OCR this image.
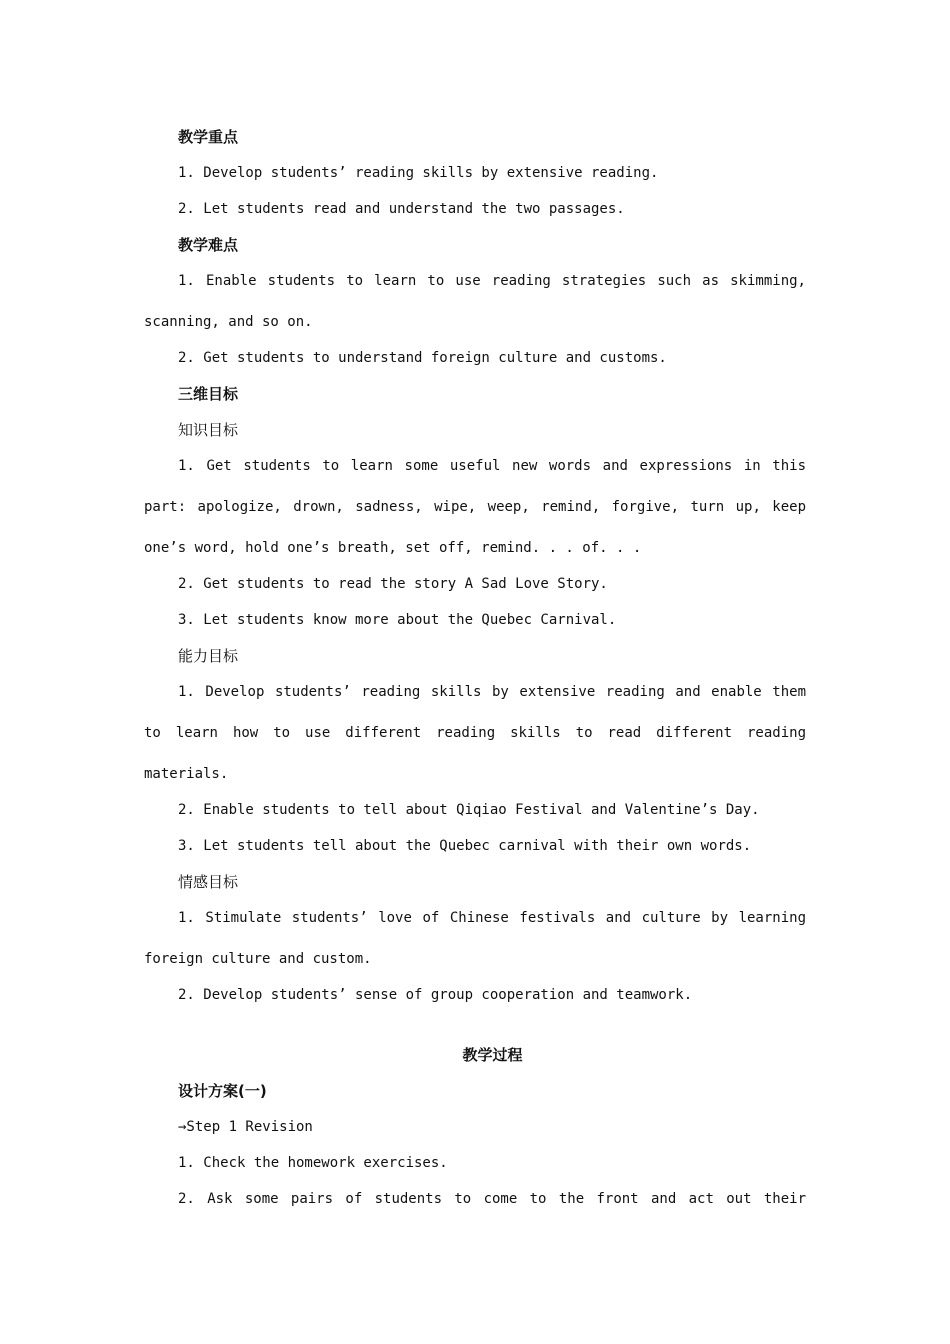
教学重点
1. Develop students’ reading skills by extensive reading.
2. Let students read and understand the two passages.
教学难点
1. Enable students to learn to use reading strategies such as skimming,
scanning, and so on.
2. Get students to understand foreign culture and customs.
三维目标
知识目标
1. Get students to learn some useful new words and expressions in this
part: apologize, drown, sadness, wipe, weep, remind, forgive, turn up, keep
one’s word, hold one’s breath, set off, remind. . . of. . .
2. Get students to read the story A Sad Love Story.
3. Let students know more about the Quebec Carnival.
能力目标
1. Develop students’ reading skills by extensive reading and enable them
to learn how to use different reading skills to read different reading
materials.
2. Enable students to tell about Qiqiao Festival and Valentine’s Day.
3. Let students tell about the Quebec carnival with their own words.
情感目标
1. Stimulate students’ love of Chinese festivals and culture by learning
foreign culture and custom.
2. Develop students’ sense of group cooperation and teamwork.
教学过程
设计方案(一)
→Step 1 Revision
1. Check the homework exercises.
2. Ask some pairs of students to come to the front and act out their
